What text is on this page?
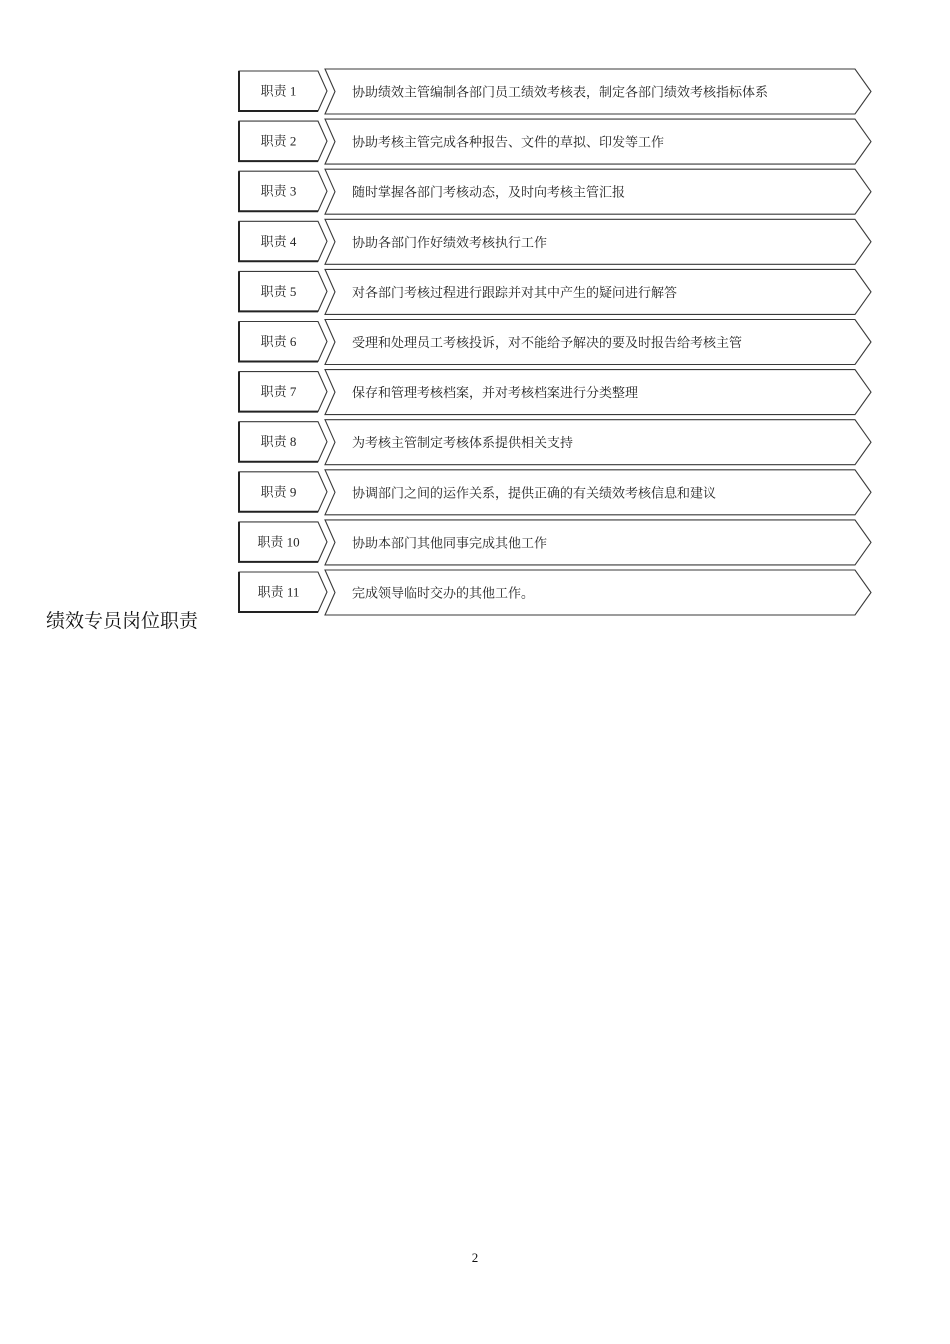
职责 1	协助绩效主管编制各部门员工绩效考核表，制定各部门绩效考核指标体系
职责 2	协助考核主管完成各种报告、文件的草拟、印发等工作
职责 3	随时掌握各部门考核动态，及时向考核主管汇报
职责 4	协助各部门作好绩效考核执行工作
职责 5	对各部门考核过程进行跟踪并对其中产生的疑问进行解答
职责 6	受理和处理员工考核投诉，对不能给予解决的要及时报告给考核主管
职责 7	保存和管理考核档案，并对考核档案进行分类整理
职责 8	为考核主管制定考核体系提供相关支持
职责 9	协调部门之间的运作关系，提供正确的有关绩效考核信息和建议
职责 10	协助本部门其他同事完成其他工作
职责 11	完成领导临时交办的其他工作。
绩效专员岗位职责
2
